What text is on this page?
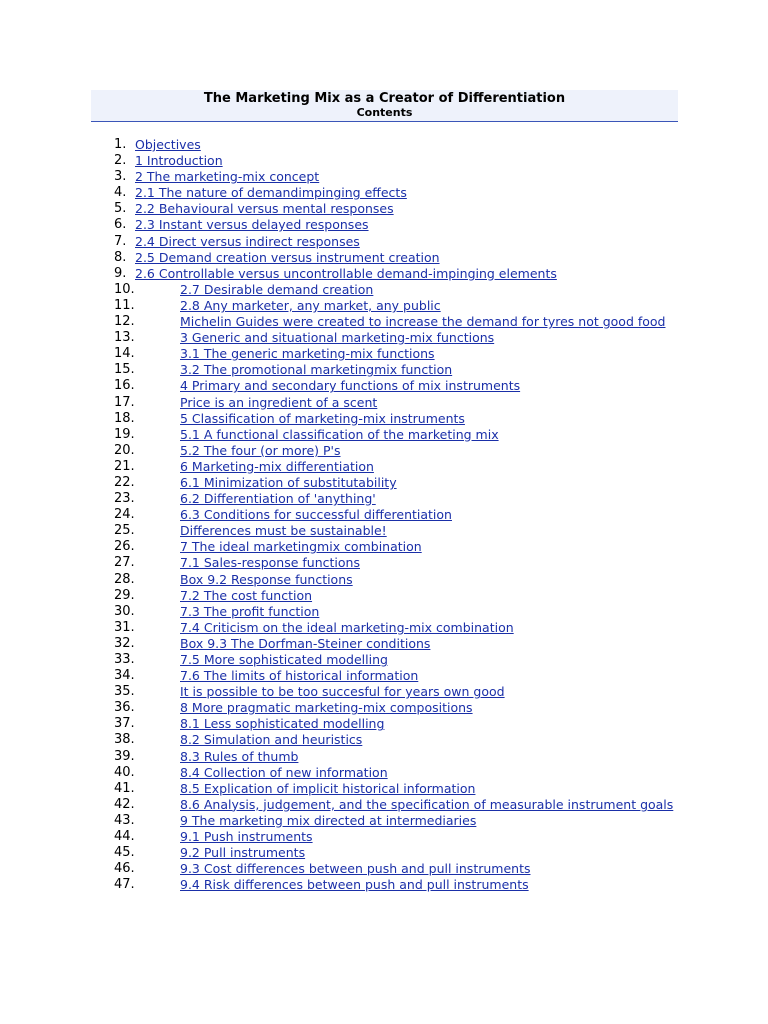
The Marketing Mix as a Creator of Differentiation
Contents
1. Objectives
2. 1 Introduction
3. 2 The marketing-mix concept
4. 2.1 The nature of demandimpinging effects
5. 2.2 Behavioural versus mental responses
6. 2.3 Instant versus delayed responses
7. 2.4 Direct versus indirect responses
8. 2.5 Demand creation versus instrument creation
9. 2.6 Controllable versus uncontrollable demand-impinging elements
10.	2.7 Desirable demand creation
11.	2.8 Any marketer, any market, any public
12.	Michelin Guides were created to increase the demand for tyres not good food
13.	3 Generic and situational marketing-mix functions
14.	3.1 The generic marketing-mix functions
15.	3.2 The promotional marketingmix function
16.	4 Primary and secondary functions of mix instruments
17.	Price is an ingredient of a scent
18.	5 Classification of marketing-mix instruments
19.	5.1 A functional classification of the marketing mix
20.	5.2 The four (or more) P's
21.	6 Marketing-mix differentiation
22.	6.1 Minimization of substitutability
23.	6.2 Differentiation of 'anything'
24.	6.3 Conditions for successful differentiation
25.	Differences must be sustainable!
26.	7 The ideal marketingmix combination
27.	7.1 Sales-response functions
28.	Box 9.2 Response functions
29.	7.2 The cost function
30.	7.3 The profit function
31.	7.4 Criticism on the ideal marketing-mix combination
32.	Box 9.3 The Dorfman-Steiner conditions
33.	7.5 More sophisticated modelling
34.	7.6 The limits of historical information
35.	It is possible to be too succesful for years own good
36.	8 More pragmatic marketing-mix compositions
37.	8.1 Less sophisticated modelling
38.	8.2 Simulation and heuristics
39.	8.3 Rules of thumb
40.	8.4 Collection of new information
41.	8.5 Explication of implicit historical information
42.	8.6 Analysis, judgement, and the specification of measurable instrument goals
43.	9 The marketing mix directed at intermediaries
44.	9.1 Push instruments
45.	9.2 Pull instruments
46.	9.3 Cost differences between push and pull instruments
47.	9.4 Risk differences between push and pull instruments
